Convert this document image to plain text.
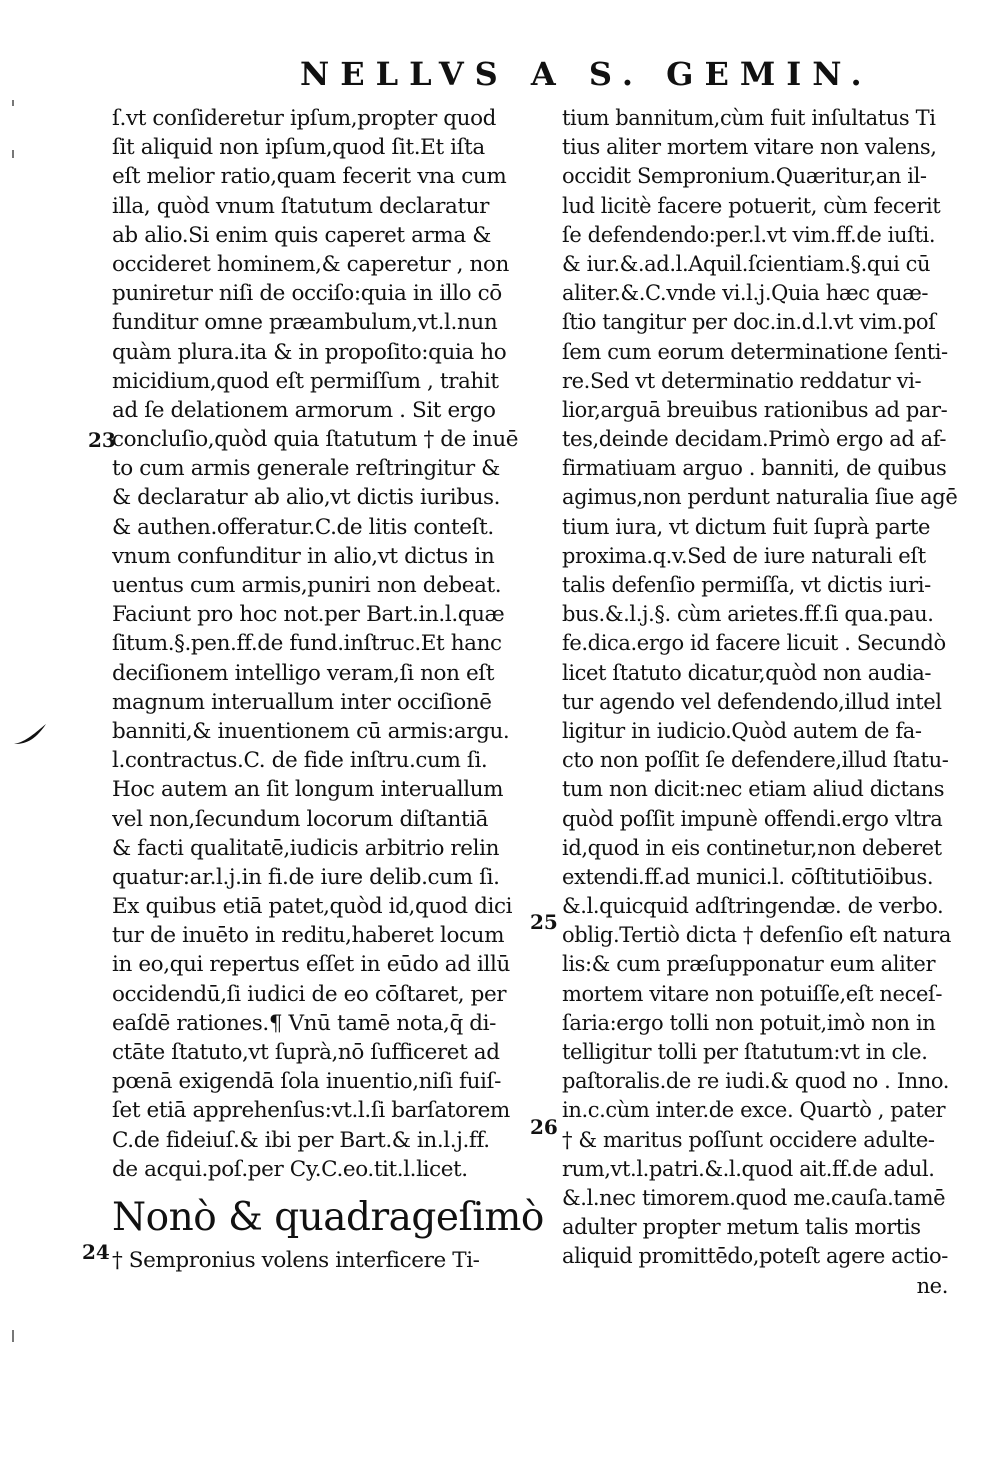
NELLVS A S. GEMIN.
23
24
25
26
ſ.vt conſideretur ipſum,propter quod
ſit aliquid non ipſum,quod ſit.Et iſta
eſt melior ratio,quam fecerit vna cum
illa, quòd vnum ſtatutum declaratur
ab alio.Si enim quis caperet arma &
occideret hominem,& caperetur , non
puniretur niſi de occiſo:quia in illo cō
funditur omne præambulum,vt.l.nun
quàm plura.ita & in propoſito:quia ho
micidium,quod eſt permiſſum , trahit
ad ſe delationem armorum . Sit ergo
concluſio,quòd quia ſtatutum † de inuē
to cum armis generale reſtringitur &
& declaratur ab alio,vt dictis iuribus.
& authen.offeratur.C.de litis conteſt.
vnum confunditur in alio,vt dictus in
uentus cum armis,puniri non debeat.
Faciunt pro hoc not.per Bart.in.l.quæ
ſitum.§.pen.ff.de fund.inſtruc.Et hanc
deciſionem intelligo veram,ſi non eſt
magnum interuallum inter occiſionē
banniti,& inuentionem cū armis:argu.
l.contractus.C. de fide inſtru.cum ſi.
Hoc autem an ſit longum interuallum
vel non,ſecundum locorum diſtantiā
& facti qualitatē,iudicis arbitrio relin
quatur:ar.l.j.in fi.de iure delib.cum ſi.
Ex quibus etiā patet,quòd id,quod dici
tur de inuēto in reditu,haberet locum
in eo,qui repertus eſſet in eūdo ad illū
occidendū,ſi iudici de eo cōſtaret, per
eaſdē rationes.¶ Vnū tamē nota,q̄ di-
ctāte ſtatuto,vt ſuprà,nō ſufficeret ad
pœnā exigendā ſola inuentio,niſi fuiſ-
ſet etiā apprehenſus:vt.l.ſi barſatorem
C.de fideiuſ.& ibi per Bart.& in.l.j.ff.
de acqui.poſ.per Cy.C.eo.tit.l.licet.
Nonò & quadrageſimò
† Sempronius volens interficere Ti-
tium bannitum,cùm fuit inſultatus Ti
tius aliter mortem vitare non valens,
occidit Sempronium.Quæritur,an il-
lud licitè facere potuerit, cùm fecerit
ſe defendendo:per.l.vt vim.ff.de iuſti.
& iur.&.ad.l.Aquil.ſcientiam.§.qui cū
aliter.&.C.vnde vi.l.j.Quia hæc quæ-
ſtio tangitur per doc.in.d.l.vt vim.poſ
ſem cum eorum determinatione ſenti-
re.Sed vt determinatio reddatur vi-
lior,arguā breuibus rationibus ad par-
tes,deinde decidam.Primò ergo ad af-
firmatiuam arguo . banniti, de quibus
agimus,non perdunt naturalia ſiue agē
tium iura, vt dictum fuit ſuprà parte
proxima.q.v.Sed de iure naturali eſt
talis defenſio permiſſa, vt dictis iuri-
bus.&.l.j.§. cùm arietes.ff.ſi qua.pau.
fe.dica.ergo id facere licuit . Secundò
licet ſtatuto dicatur,quòd non audia-
tur agendo vel defendendo,illud intel
ligitur in iudicio.Quòd autem de fa-
cto non poſſit ſe defendere,illud ſtatu-
tum non dicit:nec etiam aliud dictans
quòd poſſit impunè offendi.ergo vltra
id,quod in eis continetur,non deberet
extendi.ff.ad munici.l. cōſtitutiōibus.
&.l.quicquid adſtringendæ. de verbo.
oblig.Tertiò dicta † defenſio eſt natura
lis:& cum præſupponatur eum aliter
mortem vitare non potuiſſe,eſt neceſ-
ſaria:ergo tolli non potuit,imò non in
telligitur tolli per ſtatutum:vt in cle.
paſtoralis.de re iudi.& quod no . Inno.
in.c.cùm inter.de exce. Quartò , pater
† & maritus poſſunt occidere adulte-
rum,vt.l.patri.&.l.quod ait.ff.de adul.
&.l.nec timorem.quod me.cauſa.tamē
adulter propter metum talis mortis
aliquid promittēdo,poteſt agere actio-
ne.
